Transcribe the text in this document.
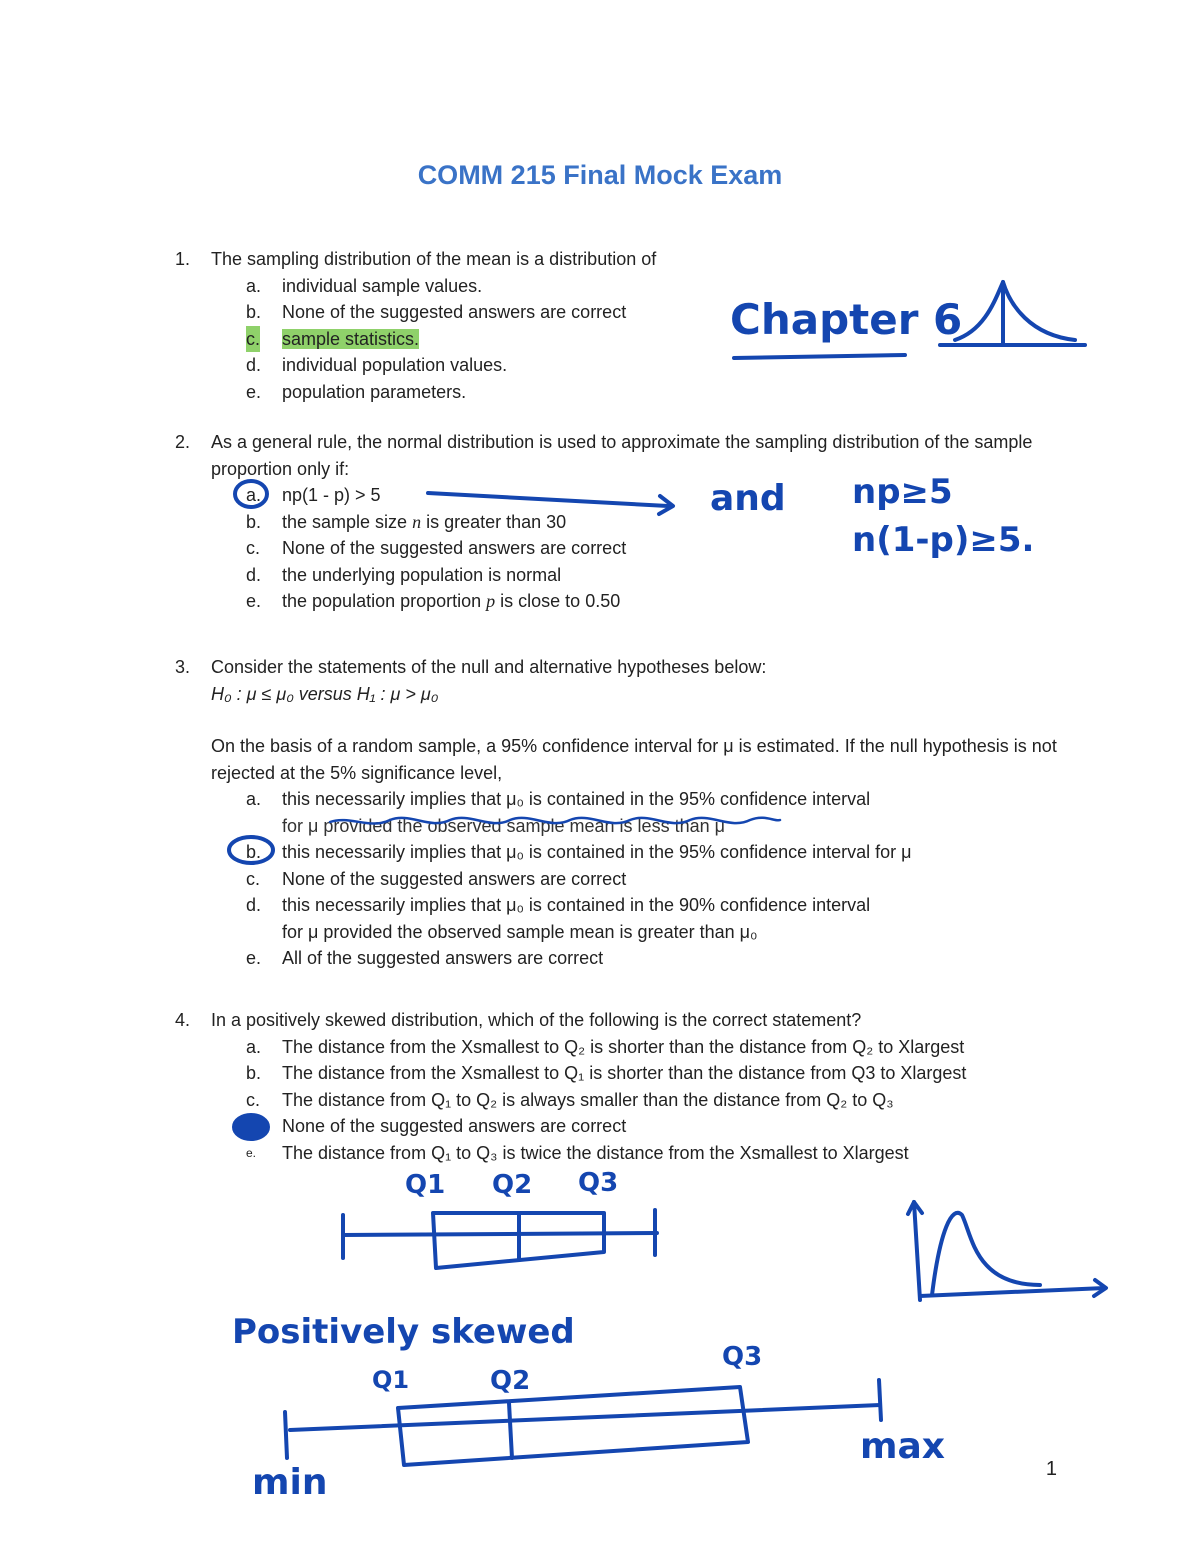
COMM 215 Final Mock Exam
1. The sampling distribution of the mean is a distribution of
a. individual sample values.
b. None of the suggested answers are correct
c. sample statistics.
d. individual population values.
e. population parameters.
2. As a general rule, the normal distribution is used to approximate the sampling distribution of the sample proportion only if:
a. np(1 - p) > 5
b. the sample size n is greater than 30
c. None of the suggested answers are correct
d. the underlying population is normal
e. the population proportion p is close to 0.50
3. Consider the statements of the null and alternative hypotheses below:
H₀ : μ ≤ μ₀ versus H₁ : μ > μ₀
On the basis of a random sample, a 95% confidence interval for μ is estimated. If the null hypothesis is not rejected at the 5% significance level,
a. this necessarily implies that μ₀ is contained in the 95% confidence interval
for μ provided the observed sample mean is less than μ
b. this necessarily implies that μ₀ is contained in the 95% confidence interval for μ
c. None of the suggested answers are correct
d. this necessarily implies that μ₀ is contained in the 90% confidence interval
for μ provided the observed sample mean is greater than μ₀
e. All of the suggested answers are correct
4. In a positively skewed distribution, which of the following is the correct statement?
a. The distance from the Xsmallest to Q₂ is shorter than the distance from Q₂ to Xlargest
b. The distance from the Xsmallest to Q₁ is shorter than the distance from Q3 to Xlargest
c. The distance from Q₁ to Q₂ is always smaller than the distance from Q₂ to Q₃
None of the suggested answers are correct
e. The distance from Q₁ to Q₃ is twice the distance from the Xsmallest to Xlargest
Chapter 6
and np≥5
n(1-p)≥5.
Q1 Q2 Q3
Positively skewed
Q1	Q2
Q3
min
max
1
